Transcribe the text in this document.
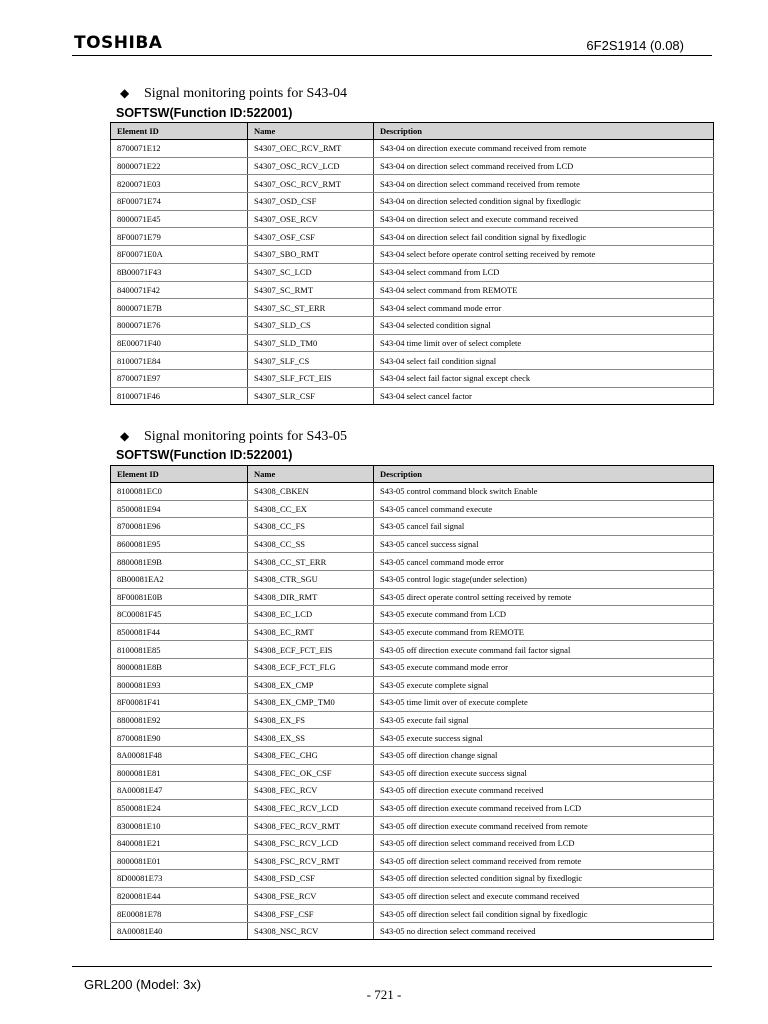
TOSHIBA	6F2S1914 (0.08)
◆ Signal monitoring points for S43-04
SOFTSW(Function ID:522001)
Element ID	Name	Description
8700071E12	S4307_OEC_RCV_RMT	S43-04 on direction execute command received from remote
8000071E22	S4307_OSC_RCV_LCD	S43-04 on direction select command received from LCD
8200071E03	S4307_OSC_RCV_RMT	S43-04 on direction select command received from remote
8F00071E74	S4307_OSD_CSF	S43-04 on direction selected condition signal by fixedlogic
8000071E45	S4307_OSE_RCV	S43-04 on direction select and execute command received
8F00071E79	S4307_OSF_CSF	S43-04 on direction select fail condition signal by fixedlogic
8F00071E0A	S4307_SBO_RMT	S43-04 select before operate control setting received by remote
8B00071F43	S4307_SC_LCD	S43-04 select command from LCD
8400071F42	S4307_SC_RMT	S43-04 select command from REMOTE
8000071E7B	S4307_SC_ST_ERR	S43-04 select command mode error
8000071E76	S4307_SLD_CS	S43-04 selected condition signal
8E00071F40	S4307_SLD_TM0	S43-04 time limit over of select complete
8100071E84	S4307_SLF_CS	S43-04 select fail condition signal
8700071E97	S4307_SLF_FCT_EIS	S43-04 select fail factor signal except check
8100071F46	S4307_SLR_CSF	S43-04 select cancel factor
◆ Signal monitoring points for S43-05
SOFTSW(Function ID:522001)
Element ID	Name	Description
8100081EC0	S4308_CBKEN	S43-05 control command block switch Enable
8500081E94	S4308_CC_EX	S43-05 cancel command execute
8700081E96	S4308_CC_FS	S43-05 cancel fail signal
8600081E95	S4308_CC_SS	S43-05 cancel success signal
8800081E9B	S4308_CC_ST_ERR	S43-05 cancel command mode error
8B00081EA2	S4308_CTR_SGU	S43-05 control logic stage(under selection)
8F00081E0B	S4308_DIR_RMT	S43-05 direct operate control setting received by remote
8C00081F45	S4308_EC_LCD	S43-05 execute command from LCD
8500081F44	S4308_EC_RMT	S43-05 execute command from REMOTE
8100081E85	S4308_ECF_FCT_EIS	S43-05 off direction execute command fail factor signal
8000081E8B	S4308_ECF_FCT_FLG	S43-05 execute command mode error
8000081E93	S4308_EX_CMP	S43-05 execute complete signal
8F00081F41	S4308_EX_CMP_TM0	S43-05 time limit over of execute complete
8800081E92	S4308_EX_FS	S43-05 execute fail signal
8700081E90	S4308_EX_SS	S43-05 execute success signal
8A00081F48	S4308_FEC_CHG	S43-05 off direction change signal
8000081E81	S4308_FEC_OK_CSF	S43-05 off direction execute success signal
8A00081E47	S4308_FEC_RCV	S43-05 off direction execute command received
8500081E24	S4308_FEC_RCV_LCD	S43-05 off direction execute command received from LCD
8300081E10	S4308_FEC_RCV_RMT	S43-05 off direction execute command received from remote
8400081E21	S4308_FSC_RCV_LCD	S43-05 off direction select command received from LCD
8000081E01	S4308_FSC_RCV_RMT	S43-05 off direction select command received from remote
8D00081E73	S4308_FSD_CSF	S43-05 off direction selected condition signal by fixedlogic
8200081E44	S4308_FSE_RCV	S43-05 off direction select and execute command received
8E00081E78	S4308_FSF_CSF	S43-05 off direction select fail condition signal by fixedlogic
8A00081E40	S4308_NSC_RCV	S43-05 no direction select command received
GRL200 (Model: 3x)
- 721 -
